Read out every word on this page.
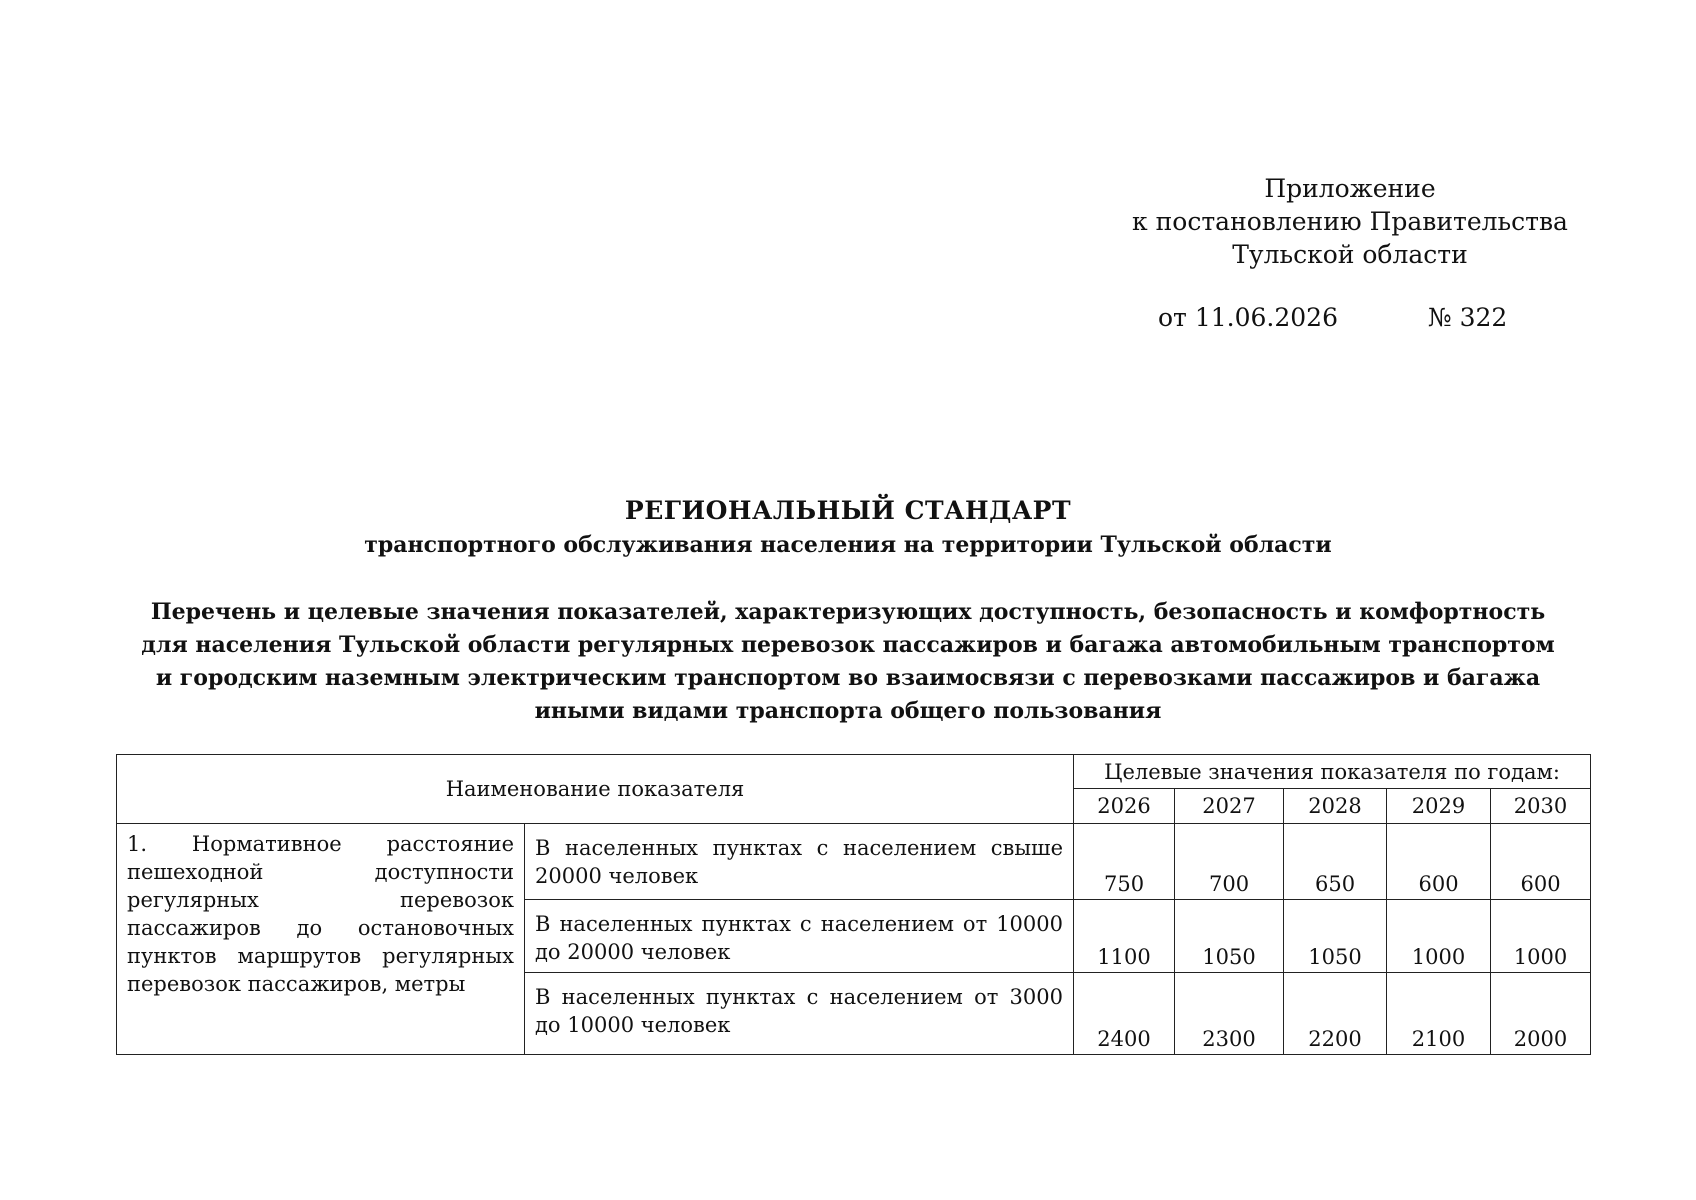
Приложение
к постановлению Правительства
Тульской области
от 11.06.2026	№ 322
РЕГИОНАЛЬНЫЙ СТАНДАРТ
транспортного обслуживания населения на территории Тульской области
Перечень и целевые значения показателей, характеризующих доступность, безопасность и комфортность
для населения Тульской области регулярных перевозок пассажиров и багажа автомобильным транспортом
и городским наземным электрическим транспортом во взаимосвязи с перевозками пассажиров и багажа
иными видами транспорта общего пользования
Наименование показателя		Целевые значения показателя по годам:				
		2026	2027	2028	2029	2030
1. Нормативное расстояние пешеходной доступности регулярных перевозок пассажиров до остановочных пунктов маршрутов регулярных перевозок пассажиров, метры	В населенных пунктах с населением свыше 20000 человек	750	700	650	600	600
	В населенных пунктах с населением от 10000 до 20000 человек	1100	1050	1050	1000	1000
	В населенных пунктах с населением от 3000 до 10000 человек	2400	2300	2200	2100	2000
